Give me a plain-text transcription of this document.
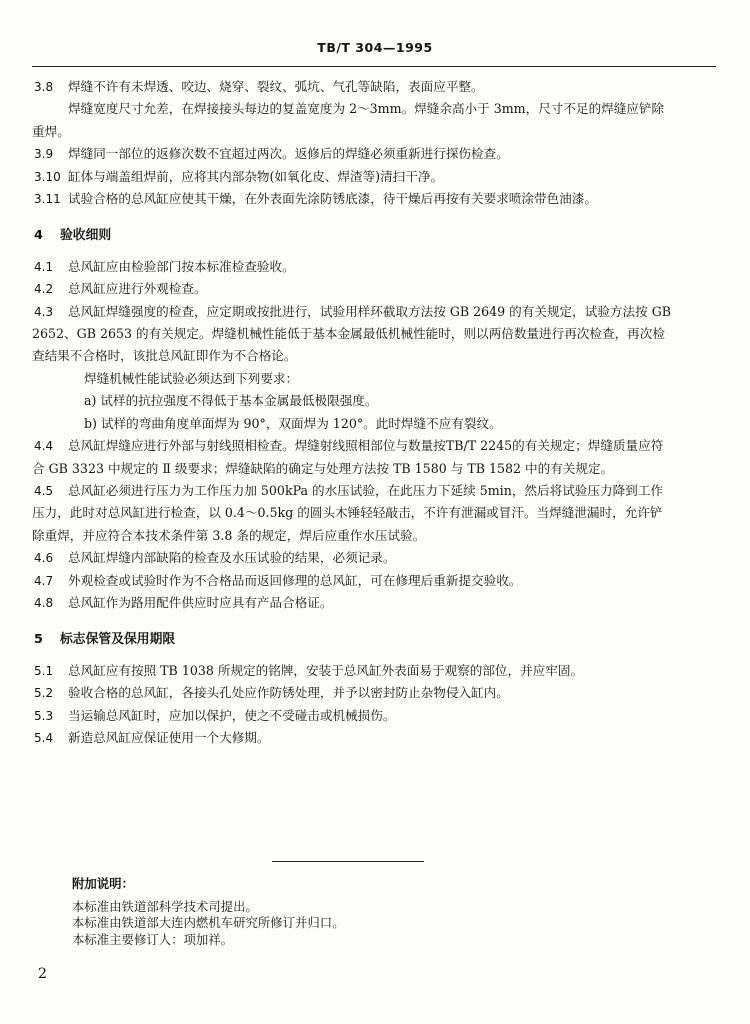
TB/T 304—1995

3.8 焊缝不许有未焊透、咬边、烧穿、裂纹、弧坑、气孔等缺陷，表面应平整。

焊缝宽度尺寸允差，在焊接接头每边的复盖宽度为 2～3mm。焊缝余高小于 3mm，尺寸不足的焊缝应铲除重焊。

3.9 焊缝同一部位的返修次数不宜超过两次。返修后的焊缝必须重新进行探伤检查。

3.10 缸体与端盖组焊前，应将其内部杂物(如氧化皮、焊渣等)清扫干净。

3.11 试验合格的总风缸应使其干燥，在外表面先涂防锈底漆，待干燥后再按有关要求喷涂带色油漆。

4 验收细则

4.1 总风缸应由检验部门按本标准检查验收。

4.2 总风缸应进行外观检查。

4.3	总风缸焊缝强度的检查，应定期或按批进行，试验用样环截取方法按 GB 2649 的有关规定，试验方法按 GB 2652、GB 2653 的有关规定。焊缝机械性能低于基本金属最低机械性能时，则以两倍数量进行再次检查，再次检查结果不合格时，该批总风缸即作为不合格论。

焊缝机械性能试验必须达到下列要求：

a) 试样的抗拉强度不得低于基本金属最低极限强度。

b) 试样的弯曲角度单面焊为 90°，双面焊为 120°。此时焊缝不应有裂纹。

4.4	总风缸焊缝应进行外部与射线照相检查。焊缝射线照相部位与数量按TB/T 2245的有关规定；焊缝质量应符合 GB 3323 中规定的 Ⅱ 级要求；焊缝缺陷的确定与处理方法按 TB 1580 与 TB 1582 中的有关规定。

4.5	总风缸必须进行压力为工作压力加 500kPa 的水压试验，在此压力下延续 5min，然后将试验压力降到工作压力，此时对总风缸进行检查，以 0.4～0.5kg 的圆头木锤轻轻敲击，不许有泄漏或冒汗。当焊缝泄漏时，允许铲除重焊，并应符合本技术条件第 3.8 条的规定，焊后应重作水压试验。

4.6 总风缸焊缝内部缺陷的检查及水压试验的结果，必须记录。

4.7 外观检查或试验时作为不合格品而返回修理的总风缸，可在修理后重新提交验收。

4.8 总风缸作为路用配件供应时应具有产品合格证。

5 标志保管及保用期限

5.1	总风缸应有按照 TB 1038 所规定的铭牌，安装于总风缸外表面易于观察的部位，并应牢固。

5.2 验收合格的总风缸，各接头孔处应作防锈处理，并予以密封防止杂物侵入缸内。

5.3 当运输总风缸时，应加以保护，使之不受碰击或机械损伤。

5.4 新造总风缸应保证使用一个大修期。

附加说明：
本标准由铁道部科学技术司提出。
本标准由铁道部大连内燃机车研究所修订并归口。
本标准主要修订人：项加祥。
2
